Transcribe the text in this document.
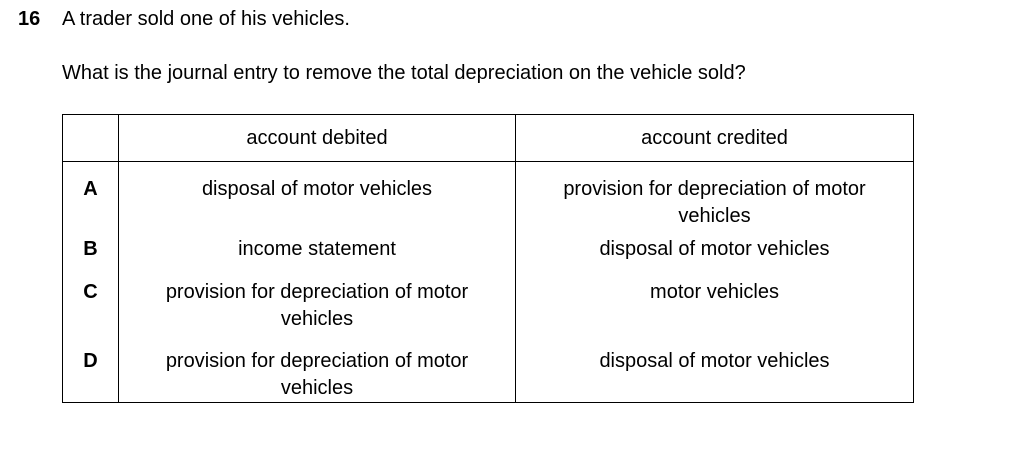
16 A trader sold one of his vehicles.
What is the journal entry to remove the total depreciation on the vehicle sold?
	account debited	account credited
A	disposal of motor vehicles	provision for depreciation of motor
vehicles
B	income statement	disposal of motor vehicles
C	provision for depreciation of motor
vehicles	motor vehicles
D	provision for depreciation of motor
vehicles	disposal of motor vehicles
